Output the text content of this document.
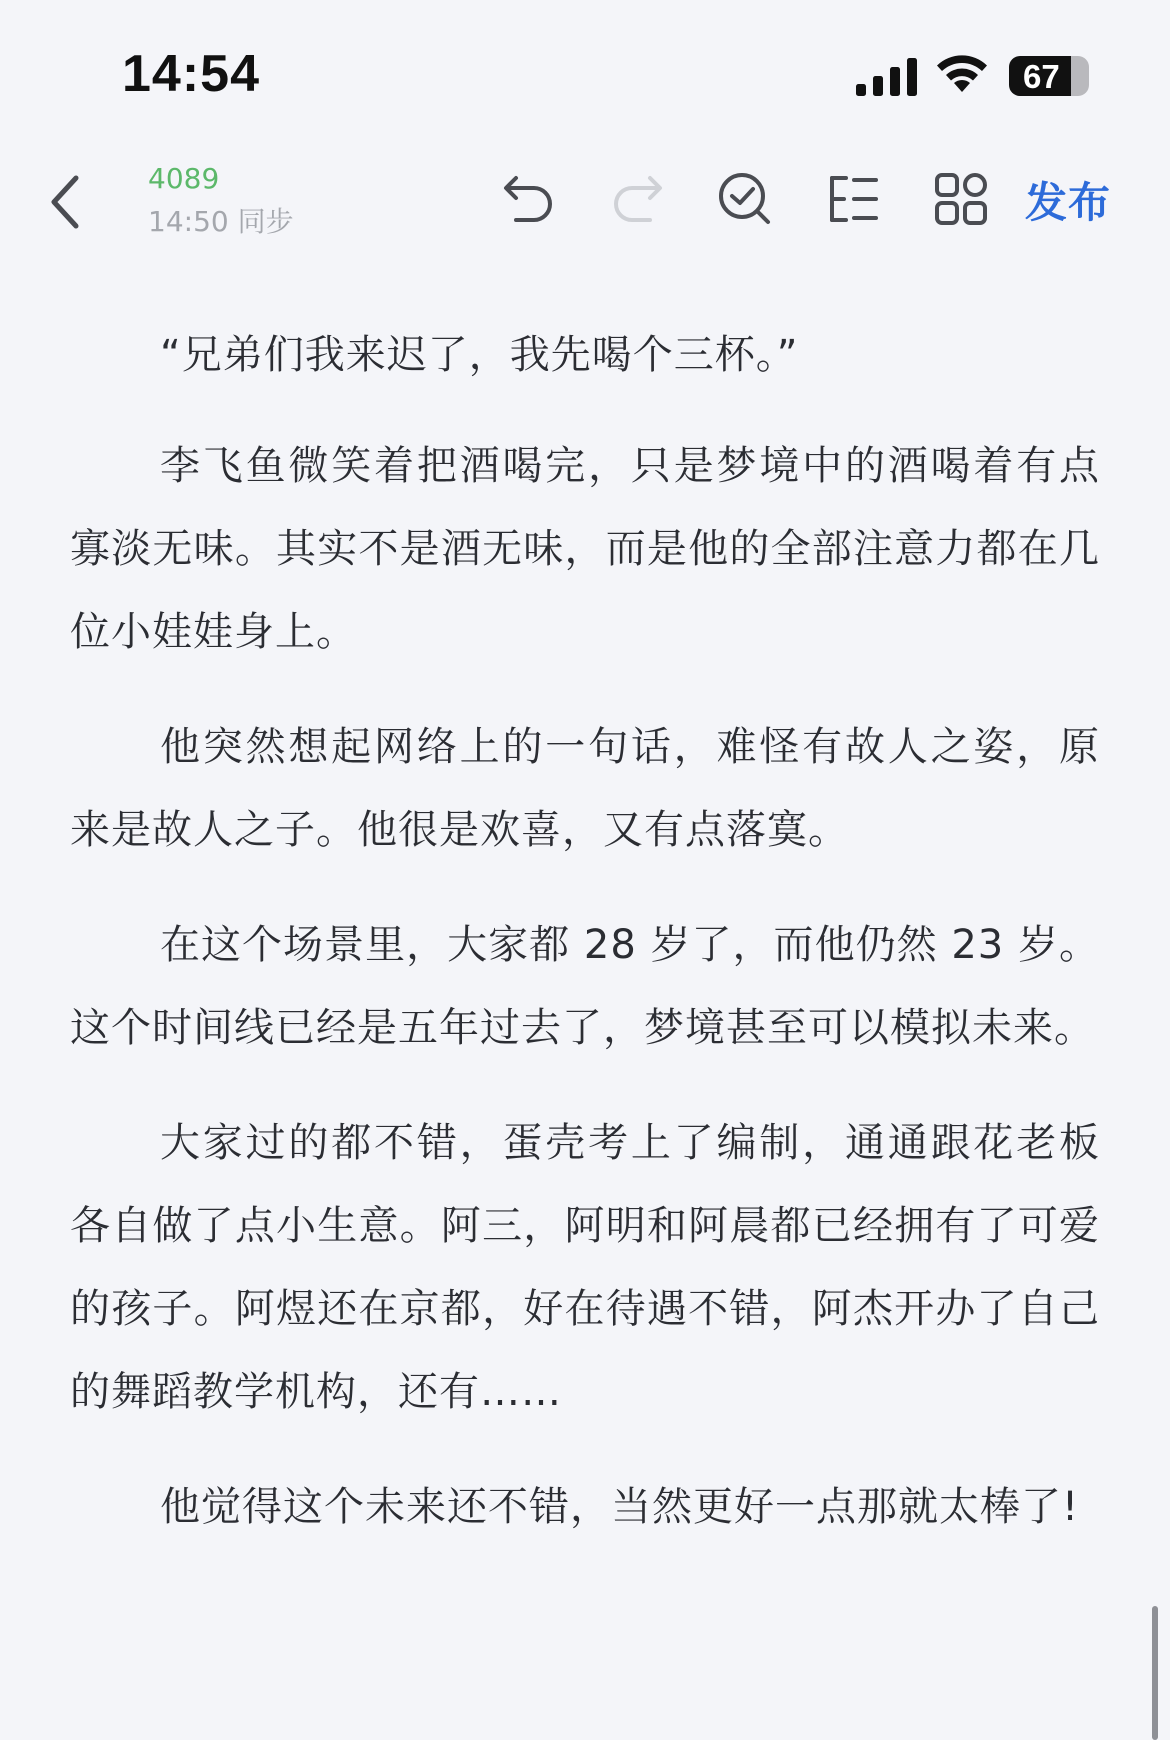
14:54	67
4089
14:50 同步	发布

“兄弟们我来迟了，我先喝个三杯。”

李飞鱼微笑着把酒喝完，只是梦境中的酒喝着有点寡淡无味。其实不是酒无味，而是他的全部注意力都在几位小娃娃身上。

他突然想起网络上的一句话，难怪有故人之姿，原来是故人之子。他很是欢喜，又有点落寞。

在这个场景里，大家都 28 岁了，而他仍然 23 岁。这个时间线已经是五年过去了，梦境甚至可以模拟未来。

大家过的都不错，蛋壳考上了编制，通通跟花老板各自做了点小生意。阿三，阿明和阿晨都已经拥有了可爱的孩子。阿煜还在京都，好在待遇不错，阿杰开办了自己的舞蹈教学机构，还有……

他觉得这个未来还不错，当然更好一点那就太棒了!
